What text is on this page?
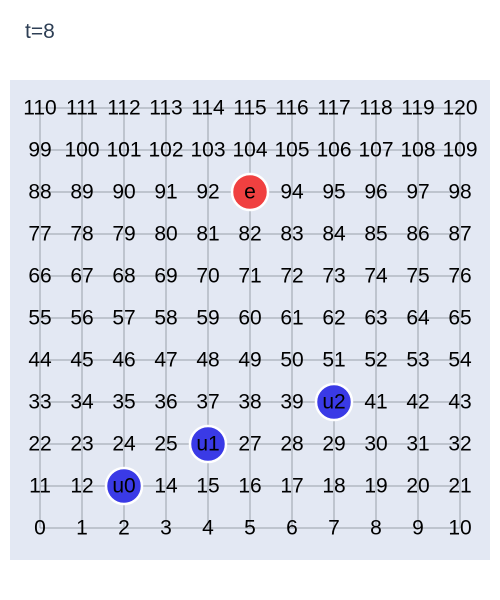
t=8
0 1 2 3 4 5 6 7 8 9 10
11 12	14 15 16 17 18 19 20 21
22 23 24 25	27 28 29 30 31 32
33 34 35 36 37 38 39	41 42 43
44 45 46 47 48 49 50 51 52 53 54
55 56 57 58 59 60 61 62 63 64 65
66 67 68 69 70 71 72 73 74 75 76
77 78 79 80 81 82 83 84 85 86 87
88 89 90 91 92	94 95 96 97 98
99 100 101 102 103 104 105 106 107 108 109
110 111 112 113 114 115 116 117 118 119 120
u0
u1
u2
e
